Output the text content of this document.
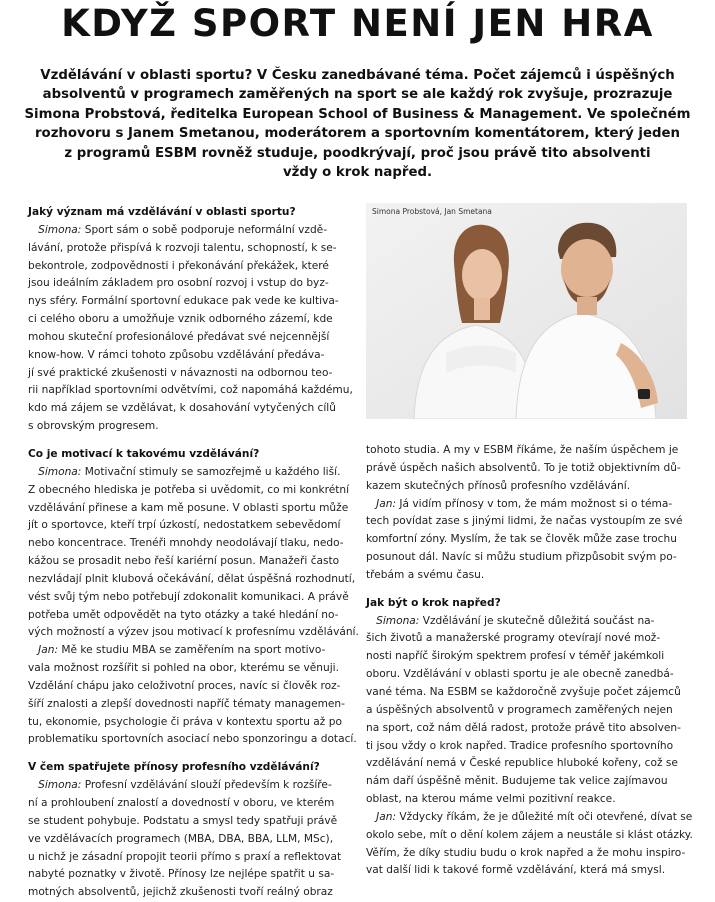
KDYŽ SPORT NENÍ JEN HRA
Vzdělávání v oblasti sportu? V Česku zanedbávané téma. Počet zájemců i úspěšných
absolventů v programech zaměřených na sport se ale každý rok zvyšuje, prozrazuje
Simona Probstová, ředitelka European School of Business & Management. Ve společném
rozhovoru s Janem Smetanou, moderátorem a sportovním komentátorem, který jeden
z programů ESBM rovněž studuje, poodkrývají, proč jsou právě tito absolventi
vždy o krok napřed.
Simona Probstová, Jan Smetana
Jaký význam má vzdělávání v oblasti sportu?
Simona: Sport sám o sobě podporuje neformální vzdě-
lávání, protože přispívá k rozvoji talentu, schopností, k se-
bekontrole, zodpovědnosti i překonávání překážek, které
jsou ideálním základem pro osobní rozvoj i vstup do byz-
nys sféry. Formální sportovní edukace pak vede ke kultiva-
ci celého oboru a umožňuje vznik odborného zázemí, kde
mohou skuteční profesionálové předávat své nejcennější
know-how. V rámci tohoto způsobu vzdělávání předáva-
jí své praktické zkušenosti v návaznosti na odbornou teo-
rii například sportovními odvětvími, což napomáhá každému,
kdo má zájem se vzdělávat, k dosahování vytyčených cílů
s obrovským progresem.
Co je motivací k takovému vzdělávání?
Simona: Motivační stimuly se samozřejmě u každého liší.
Z obecného hlediska je potřeba si uvědomit, co mi konkrétní
vzdělávání přinese a kam mě posune. V oblasti sportu může
jít o sportovce, kteří trpí úzkostí, nedostatkem sebevědomí
nebo koncentrace. Trenéři mnohdy neodolávají tlaku, nedo-
kážou se prosadit nebo řeší kariérní posun. Manažeři často
nezvládají plnit klubová očekávání, dělat úspěšná rozhodnutí,
vést svůj tým nebo potřebují zdokonalit komunikaci. A právě
potřeba umět odpovědět na tyto otázky a také hledání no-
vých možností a výzev jsou motivací k profesnímu vzdělávání.
Jan: Mě ke studiu MBA se zaměřením na sport motivo-
vala možnost rozšířit si pohled na obor, kterému se věnuji.
Vzdělání chápu jako celoživotní proces, navíc si člověk roz-
šíří znalosti a zlepší dovednosti napříč tématy managemen-
tu, ekonomie, psychologie či práva v kontextu sportu až po
problematiku sportovních asociací nebo sponzoringu a dotací.
V čem spatřujete přínosy profesního vzdělávání?
Simona: Profesní vzdělávání slouží především k rozšíře-
ní a prohloubení znalostí a dovedností v oboru, ve kterém
se student pohybuje. Podstatu a smysl tedy spatřuji právě
ve vzdělávacích programech (MBA, DBA, BBA, LLM, MSc),
u nichž je zásadní propojit teorii přímo s praxí a reflektovat
nabyté poznatky v životě. Přínosy lze nejlépe spatřit u sa-
motných absolventů, jejichž zkušenosti tvoří reálný obraz
tohoto studia. A my v ESBM říkáme, že naším úspěchem je
právě úspěch našich absolventů. To je totiž objektivním dů-
kazem skutečných přínosů profesního vzdělávání.
Jan: Já vidím přínosy v tom, že mám možnost si o téma-
tech povídat zase s jinými lidmi, že načas vystoupím ze své
komfortní zóny. Myslím, že tak se člověk může zase trochu
posunout dál. Navíc si můžu studium přizpůsobit svým po-
třebám a svému času.
Jak být o krok napřed?
Simona: Vzdělávání je skutečně důležitá součást na-
šich životů a manažerské programy otevírají nové mož-
nosti napříč širokým spektrem profesí v téměř jakémkoli
oboru. Vzdělávání v oblasti sportu je ale obecně zanedbá-
vané téma. Na ESBM se každoročně zvyšuje počet zájemců
a úspěšných absolventů v programech zaměřených nejen
na sport, což nám dělá radost, protože právě tito absolven-
ti jsou vždy o krok napřed. Tradice profesního sportovního
vzdělávání nemá v České republice hluboké kořeny, což se
nám daří úspěšně měnit. Budujeme tak velice zajímavou
oblast, na kterou máme velmi pozitivní reakce.
Jan: Vždycky říkám, že je důležité mít oči otevřené, dívat se
okolo sebe, mít o dění kolem zájem a neustále si klást otázky.
Věřím, že díky studiu budu o krok napřed a že mohu inspiro-
vat další lidi k takové formě vzdělávání, která má smysl.
